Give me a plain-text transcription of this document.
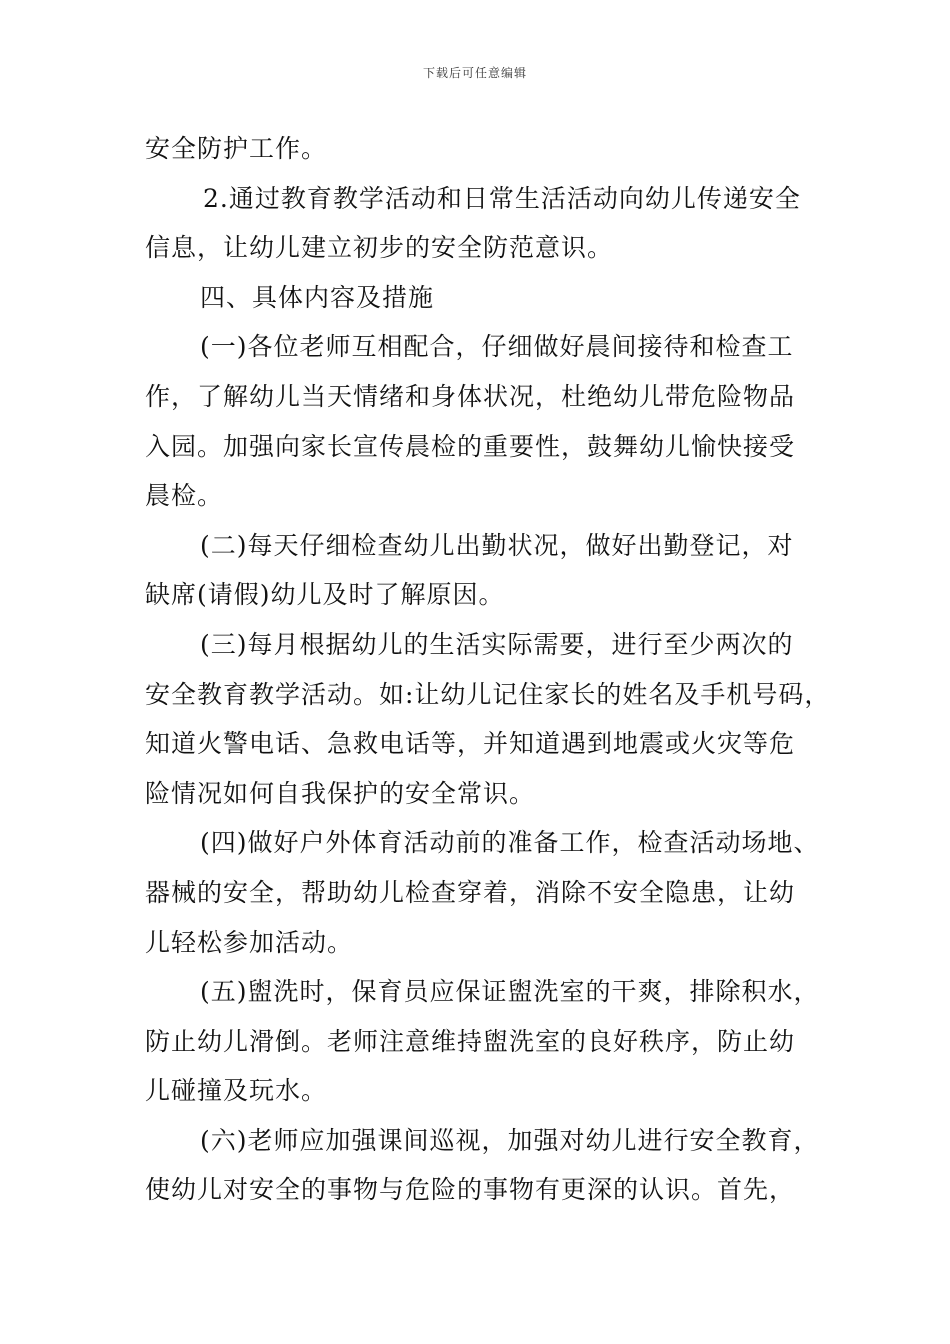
下载后可任意编辑
安全防护工作。
2.通过教育教学活动和日常生活活动向幼儿传递安全
信息，让幼儿建立初步的安全防范意识。
四、具体内容及措施
(一)各位老师互相配合，仔细做好晨间接待和检查工
作，了解幼儿当天情绪和身体状况，杜绝幼儿带危险物品
入园。加强向家长宣传晨检的重要性，鼓舞幼儿愉快接受
晨检。
(二)每天仔细检查幼儿出勤状况，做好出勤登记，对
缺席(请假)幼儿及时了解原因。
(三)每月根据幼儿的生活实际需要，进行至少两次的
安全教育教学活动。如:让幼儿记住家长的姓名及手机号码，
知道火警电话、急救电话等，并知道遇到地震或火灾等危
险情况如何自我保护的安全常识。
(四)做好户外体育活动前的准备工作，检查活动场地、
器械的安全，帮助幼儿检查穿着，消除不安全隐患，让幼
儿轻松参加活动。
(五)盥洗时，保育员应保证盥洗室的干爽，排除积水，
防止幼儿滑倒。老师注意维持盥洗室的良好秩序，防止幼
儿碰撞及玩水。
(六)老师应加强课间巡视，加强对幼儿进行安全教育，
使幼儿对安全的事物与危险的事物有更深的认识。首先，
